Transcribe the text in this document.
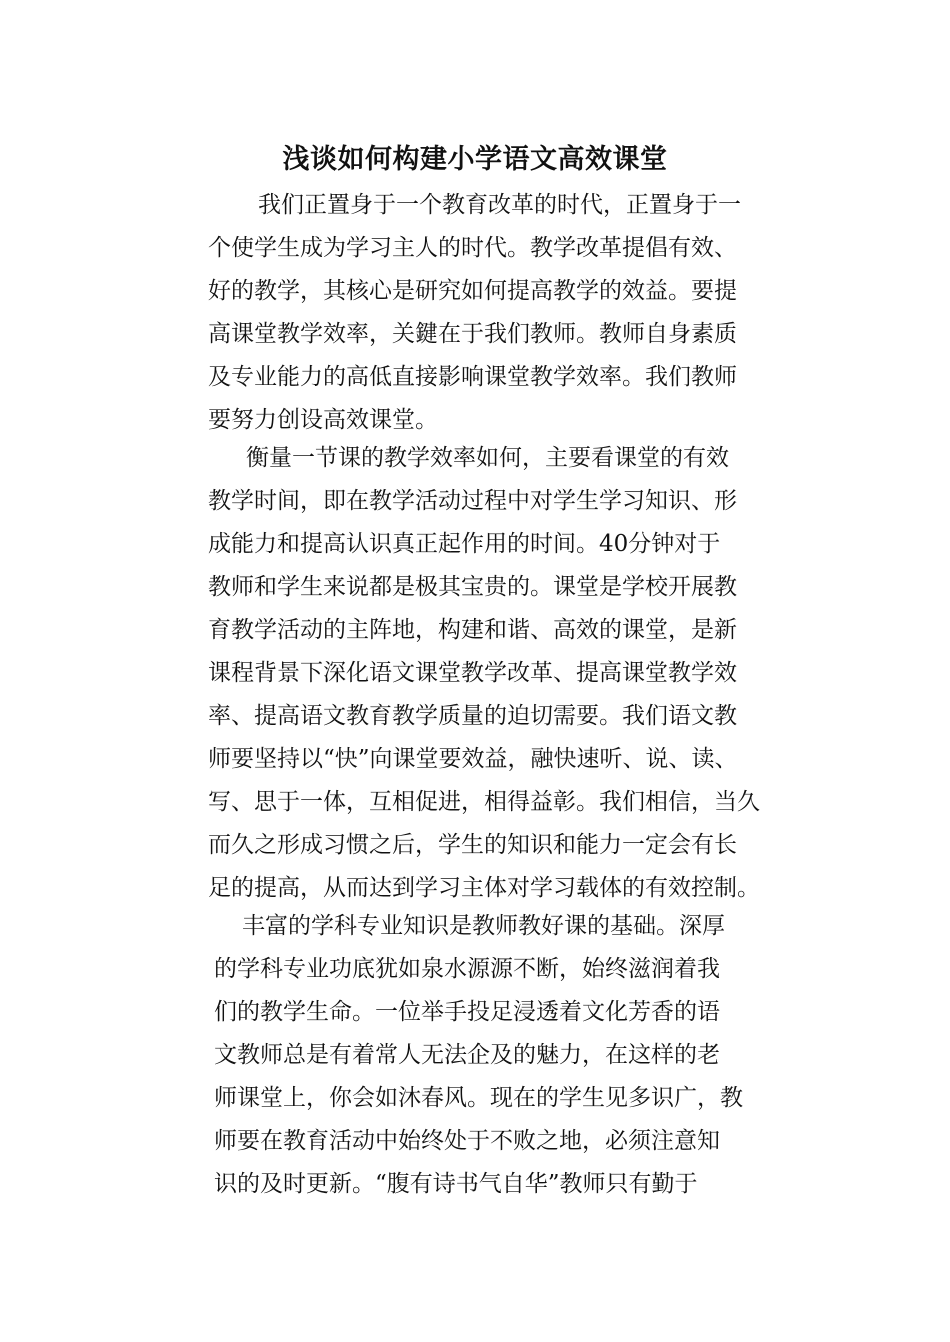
浅谈如何构建小学语文高效课堂
我们正置身于一个教育改革的时代，正置身于一
个使学生成为学习主人的时代。教学改革提倡有效、
好的教学，其核心是研究如何提高教学的效益。要提
高课堂教学效率，关鍵在于我们教师。教师自身素质
及专业能力的高低直接影响课堂教学效率。我们教师
要努力创设高效课堂。
衡量一节课的教学效率如何，主要看课堂的有效
教学时间，即在教学活动过程中对学生学习知识、形
成能力和提高认识真正起作用的时间。40分钟对于
教师和学生来说都是极其宝贵的。课堂是学校开展教
育教学活动的主阵地，构建和谐、高效的课堂，是新
课程背景下深化语文课堂教学改革、提高课堂教学效
率、提高语文教育教学质量的迫切需要。我们语文教
师要坚持以“快”向课堂要效益，融快速听、说、读、
写、思于一体，互相促进，相得益彰。我们相信，当久
而久之形成习惯之后，学生的知识和能力一定会有长
足的提高，从而达到学习主体对学习载体的有效控制。
丰富的学科专业知识是教师教好课的基础。深厚
的学科专业功底犹如泉水源源不断，始终滋润着我
们的教学生命。一位举手投足浸透着文化芳香的语
文教师总是有着常人无法企及的魅力，在这样的老
师课堂上，你会如沐春风。现在的学生见多识广，教
师要在教育活动中始终处于不败之地，必须注意知
识的及时更新。“腹有诗书气自华”教师只有勤于
